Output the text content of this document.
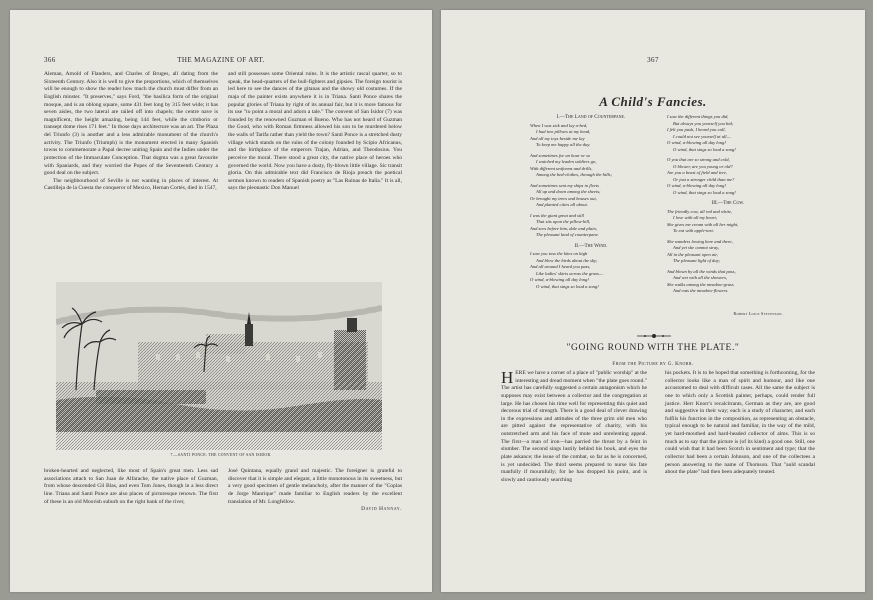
366	THE MAGAZINE OF ART.

Aleman, Arnold of Flanders, and Charles of Bruges, all dating from the Sixteenth Century. Also it is well to give the proportions, which of themselves will be enough to show the reader how much the church must differ from an English minster. "It preserves," says Ford, "the basilica form of the original mosque, and is an oblong square, some 431 feet long by 315 feet wide; it has seven aisles, the two lateral are railed off into chapels; the centre nave is magnificent, the height amazing, being 144 feet, while the cimborio or transept dome rises 171 feet." In those days architecture was an art. The Plaza del Triunfo (3) is another and a less admirable monument of the church's activity. The Triunfo (Triumph) is the monument erected in many Spanish towns to commemorate a Papal decree uniting Spain and the Indies under the protection of the Immaculate Conception. That dogma was a great favourite with Spaniards, and they worried the Popes of the Seventeenth Century a good deal on the subject.

The neighbourhood of Seville is not wanting in places of interest. At Castilleja de la Cuesta the conqueror of Mexico, Hernan Cortés, died in 1547,

and still possesses some Oriental ruins. It is the artistic rascal quarter, so to speak, the head-quarters of the bull-fighters and gipsies. The foreign tourist is led here to see the dances of the gitanas and the showy old costumes. If the maja of the painter exists anywhere it is in Triana. Santi Ponce shares the popular glories of Triana by right of its annual fair, but it is more famous for its use "to point a moral and adorn a tale." The convent of San Isidor (7) was founded by the renowned Guzman el Bueno. Who has not heard of Guzman the Good, who with Roman firmness allowed his son to be murdered below the walls of Tarifa rather than yield the town? Santi Ponce is a stretched dusty village which stands on the ruins of the colony founded by Scipio Africanus, and the birthplace of the emperors Trajan, Adrian, and Theodosius. You perceive the moral. There stood a great city, the native place of heroes who governed the world. Now you have a dusty, fly-blown little village. Sic transit gloria. On this admirable text did Francisco de Rioja preach the poetical sermon known to readers of Spanish poetry as "Las Ruinas de Italia." It is all, says the pleonastic Don Manuel

7.—SANTI PONCE: THE CONVENT OF SAN ISIDOR.

broken-hearted and neglected, like most of Spain's great men. Less sad associations attach to San Juan de Alfarache, the native place of Guzman, from whose descended Gil Blas, and even Tom Jones, though in a less direct line. Triana and Santi Ponce are also places of picturesque renown. The first of these is an old Moorish suburb on the right bank of the river,

José Quintana, equally grand and majestic. The foreigner is grateful to discover that it is simple and elegant, a little monotonous in its sweetness, but a very good specimen of gentle melancholy, after the manner of the "Coplas de Jorge Manrique" made familiar to English readers by the excellent translation of Mr. Longfellow.

David Hannay.
367
A Child's Fancies.
I.—The Land of Counterpane.
When I was sick and lay a-bed,
I had two pillows at my head,
And all my toys beside me lay
To keep me happy all the day.
And sometimes for an hour or so
I watched my leaden soldiers go,
With different uniforms and drills,
Among the bed-clothes, through the hills;
And sometimes sent my ships in fleets
All up and down among the sheets;
Or brought my trees and houses out,
And planted cities all about.
I was the giant great and still
That sits upon the pillow-hill,
And sees before him, dale and plain,
The pleasant land of counterpane.
II.—The Wind.
I saw you toss the kites on high
And blow the birds about the sky;
And all around I heard you pass,
Like ladies' skirts across the grass—
O wind, a-blowing all day long!
O wind, that sings so loud a song!
I saw the different things you did,
But always you yourself you hid;
I felt you push, I heard you call,
I could not see yourself at all—
O wind, a-blowing all day long!
O wind, that sings so loud a song!
O you that are so strong and cold,
O blower, are you young or old?
Are you a beast of field and tree,
Or just a stronger child than me?
O wind, a-blowing all day long!
O wind, that sings so loud a song!
III.—The Cow.
The friendly cow, all red and white,
I love with all my heart;
She gives me cream with all her might,
To eat with apple-tart.
She wanders lowing here and there,
And yet she cannot stray,
All in the pleasant open air,
The pleasant light of day;
And blown by all the winds that pass,
And wet with all the showers,
She walks among the meadow-grass
And eats the meadow-flowers.
Robert Louis Stevenson.
"GOING ROUND WITH THE PLATE."
From the Picture by G. Knorr.
HERE we have a corner of a place of "public worship" at the interesting and dread moment when "the plate goes round." The artist has carefully suggested a certain antagonism which he supposes may exist between a collector and the congregation at large. He has chosen his time well for representing this quiet and decorous trial of strength. There is a good deal of clever drawing in the expressions and attitudes of the three grim old men who are pitted against the representative of charity, with his outstretched arm and his face of mute and unrelenting appeal. The first—a man of iron—has parried the thrust by a feint in slumber. The second sings lustily behind his book, and eyes the plate askance; the issue of the combat, so far as he is concerned, is yet undecided. The third seems prepared to nurse his fate manfully if mournfully; for he has dropped his point, and is slowly and cautiously searching

his pockets. It is to be hoped that something is forthcoming, for the collector looks like a man of spirit and humour, and like one accustomed to deal with difficult cases. All the same the subject is one to which only a Scottish painter, perhaps, could render full justice. Herr Knorr's recalcitrants, German as they are, are good and suggestive in their way; each is a study of character, and each fulfils his function in the composition, as representing an obstacle, typical enough to be natural and familiar, in the way of the mild, yet hard-mouthed and hard-headed collector of alms. This is so much as to say that the picture is (of its kind) a good one. Still, one could wish that it had been Scotch in sentiment and type; that the collector had been a certain Johnson, and one of the collectees a person answering to the name of Thomson. That "auld scandal about the plate" had then been adequately treated.
